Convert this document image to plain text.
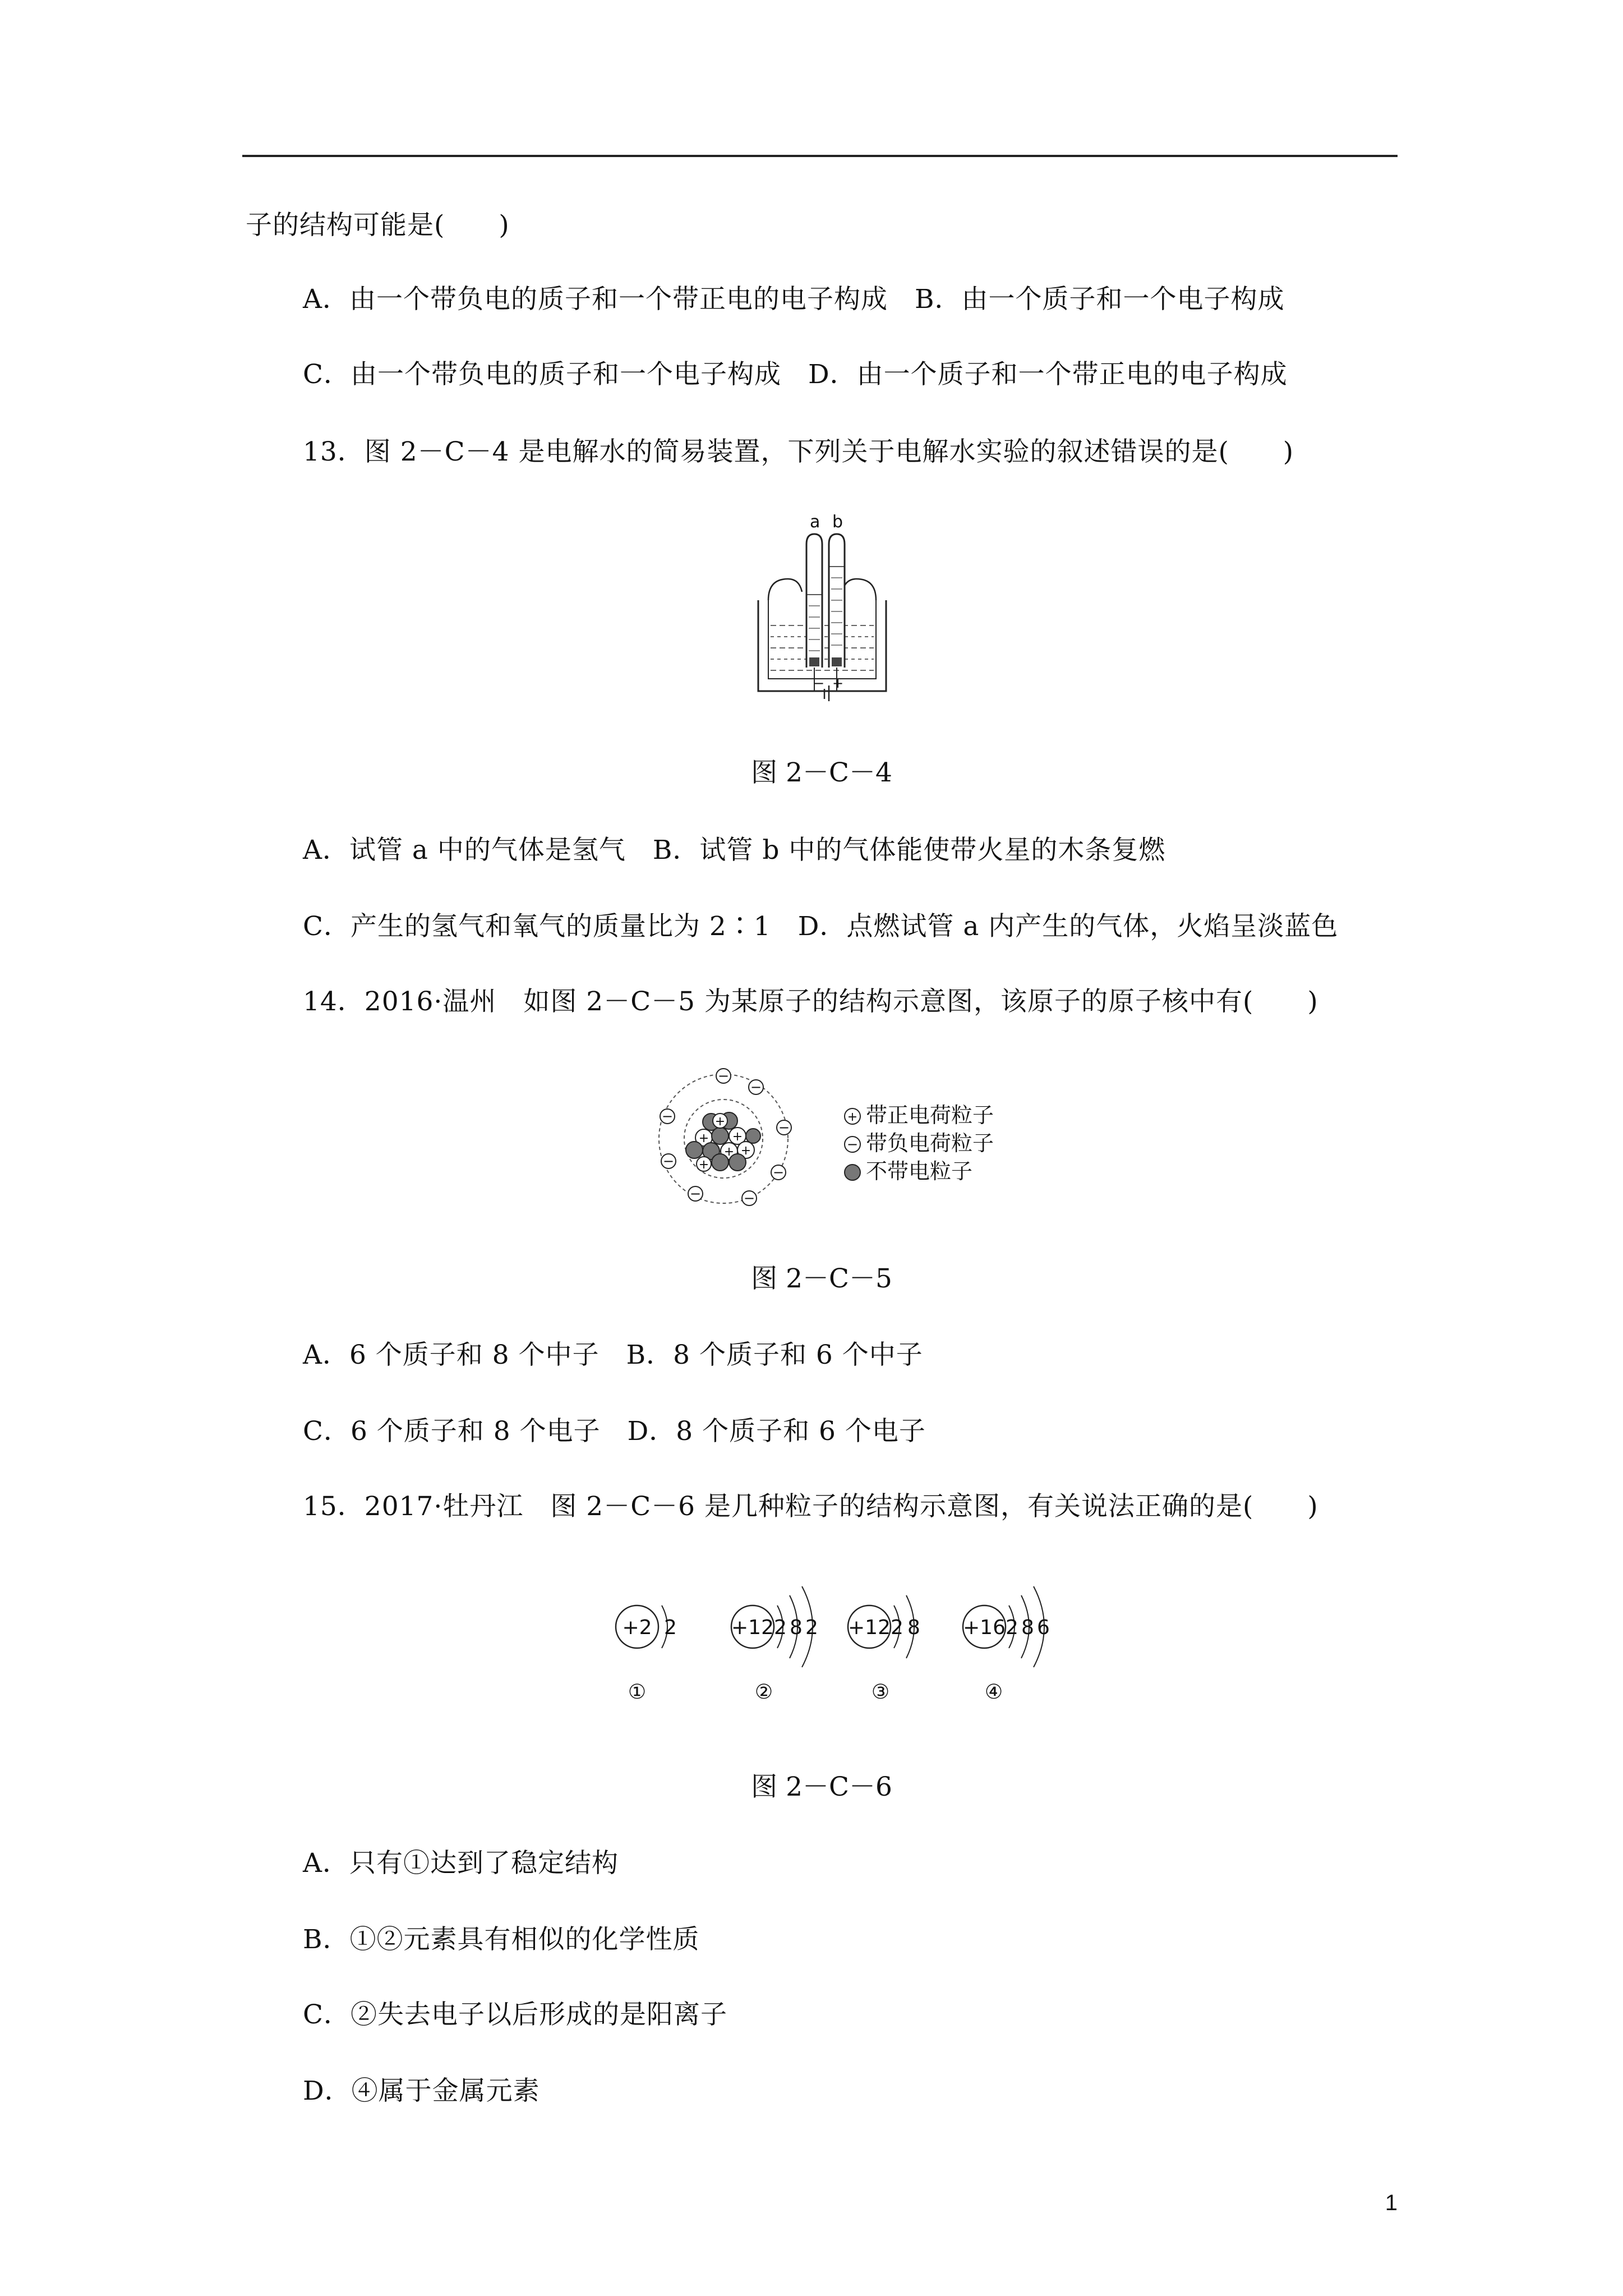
子的结构可能是(　　)
A．由一个带负电的质子和一个带正电的电子构成　B．由一个质子和一个电子构成
C．由一个带负电的质子和一个电子构成　D．由一个质子和一个带正电的电子构成
13．图 2－C－4 是电解水的简易装置，下列关于电解水实验的叙述错误的是(　　)
a b
− +
图 2－C－4
A．试管 a 中的气体是氢气　B．试管 b 中的气体能使带火星的木条复燃
C．产生的氢气和氧气的质量比为 2∶1　D．点燃试管 a 内产生的气体，火焰呈淡蓝色
14．2016·温州　如图 2－C－5 为某原子的结构示意图，该原子的原子核中有(　　)
+ +
+ +
+
+
−
−
−
−
−
−
−	−
+ 带正电荷粒子
− 带负电荷粒子
不带电粒子
图 2－C－5
A．6 个质子和 8 个中子　B．8 个质子和 6 个中子
C．6 个质子和 8 个电子　D．8 个质子和 6 个电子
15．2017·牡丹江　图 2－C－6 是几种粒子的结构示意图，有关说法正确的是(　　)
+2 2
①
+12 2 8 2
②
+12 2 8
③
+16 2 8 6
④
图 2－C－6
A．只有①达到了稳定结构
B．①②元素具有相似的化学性质
C．②失去电子以后形成的是阳离子
D．④属于金属元素
1
